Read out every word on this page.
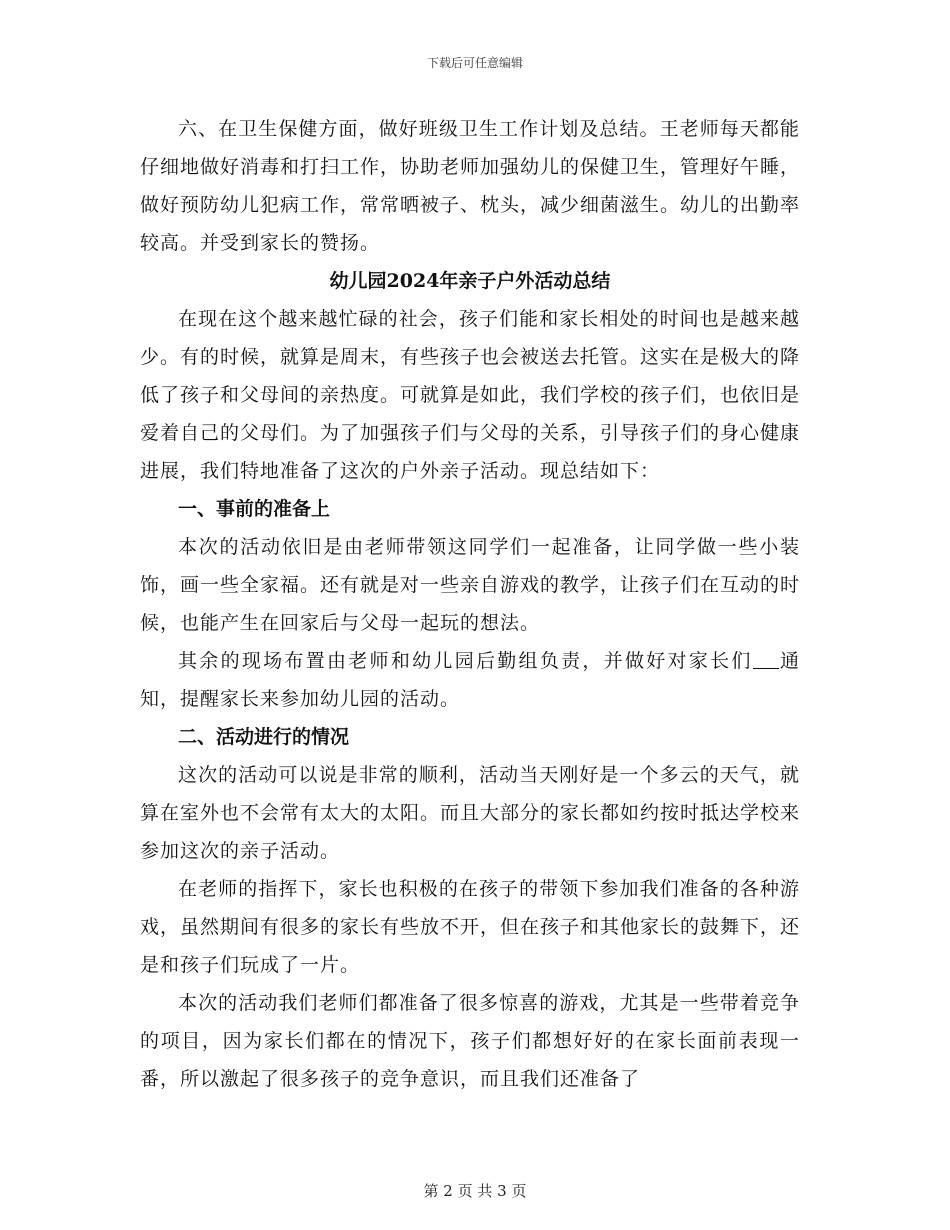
下载后可任意编辑

六、在卫生保健方面，做好班级卫生工作计划及总结。王老师每天都能仔细地做好消毒和打扫工作，协助老师加强幼儿的保健卫生，管理好午睡，做好预防幼儿犯病工作，常常晒被子、枕头，减少细菌滋生。幼儿的出勤率较高。并受到家长的赞扬。

幼儿园2024年亲子户外活动总结

在现在这个越来越忙碌的社会，孩子们能和家长相处的时间也是越来越少。有的时候，就算是周末，有些孩子也会被送去托管。这实在是极大的降低了孩子和父母间的亲热度。可就算是如此，我们学校的孩子们，也依旧是爱着自己的父母们。为了加强孩子们与父母的关系，引导孩子们的身心健康进展，我们特地准备了这次的户外亲子活动。现总结如下：

一、事前的准备上

本次的活动依旧是由老师带领这同学们一起准备，让同学做一些小装饰，画一些全家福。还有就是对一些亲自游戏的教学，让孩子们在互动的时候，也能产生在回家后与父母一起玩的想法。

其余的现场布置由老师和幼儿园后勤组负责，并做好对家长们 通知，提醒家长来参加幼儿园的活动。

二、活动进行的情况

这次的活动可以说是非常的顺利，活动当天刚好是一个多云的天气，就算在室外也不会常有太大的太阳。而且大部分的家长都如约按时抵达学校来参加这次的亲子活动。

在老师的指挥下，家长也积极的在孩子的带领下参加我们准备的各种游戏，虽然期间有很多的家长有些放不开，但在孩子和其他家长的鼓舞下，还是和孩子们玩成了一片。

本次的活动我们老师们都准备了很多惊喜的游戏，尤其是一些带着竞争的项目，因为家长们都在的情况下，孩子们都想好好的在家长面前表现一番，所以激起了很多孩子的竞争意识，而且我们还准备了

第 2 页 共 3 页
